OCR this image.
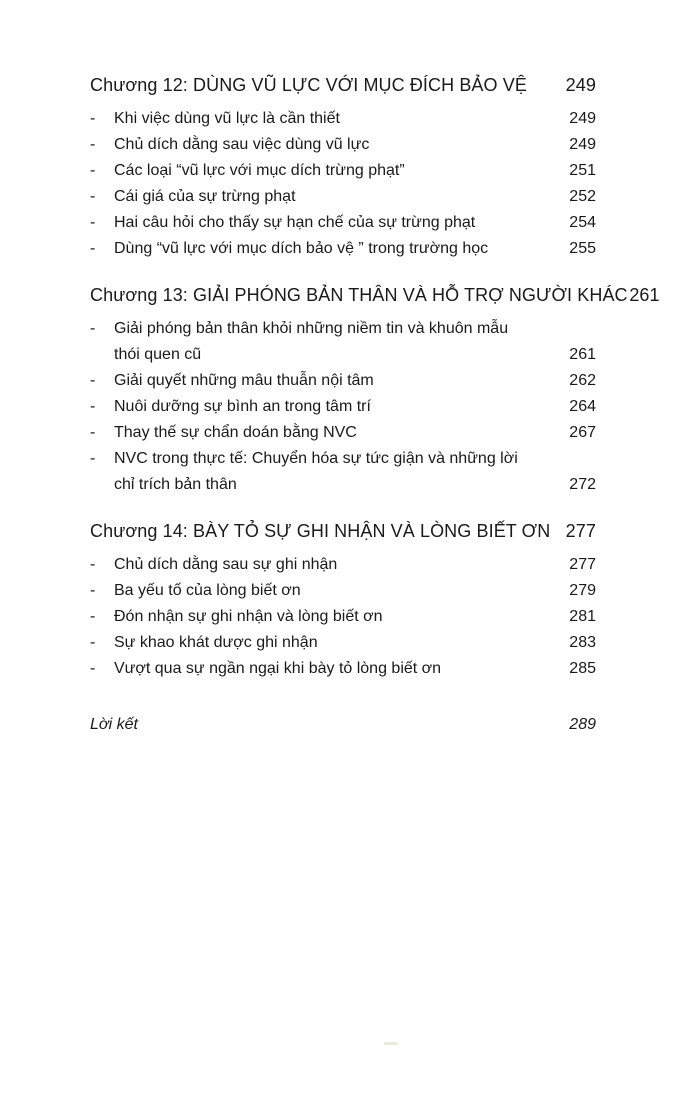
Chương 12: DÙNG VŨ LỰC VỚI MỤC ĐÍCH BẢO VỆ 249
-	Khi việc dùng vũ lực là cần thiết	249
-	Chủ dích dằng sau việc dùng vũ lực	249
-	Các loại “vũ lực với mục dích trừng phạt”	251
-	Cái giá của sự trừng phạt	252
-	Hai câu hỏi cho thấy sự hạn chế của sự trừng phạt	254
-	Dùng “vũ lực với mục dích bảo vệ ” trong trường học	255
Chương 13: GIẢI PHÓNG BẢN THÂN VÀ HỖ TRỢ NGƯỜI KHÁC 261
-	Giải phóng bản thân khỏi những niềm tin và khuôn mẫu
thói quen cũ	261
-	Giải quyết những mâu thuẫn nội tâm	262
-	Nuôi dưỡng sự bình an trong tâm trí	264
-	Thay thế sự chẩn doán bằng NVC	267
-	NVC trong thực tế: Chuyển hóa sự tức giận và những lời
chỉ trích bản thân	272
Chương 14: BÀY TỎ SỰ GHI NHẬN VÀ LÒNG BIẾT ƠN 277
-	Chủ dích dằng sau sự ghi nhận	277
-	Ba yếu tố của lòng biết ơn	279
-	Đón nhận sự ghi nhận và lòng biết ơn	281
-	Sự khao khát dược ghi nhận	283
-	Vượt qua sự ngần ngại khi bày tỏ lòng biết ơn	285
Lời kết	289
